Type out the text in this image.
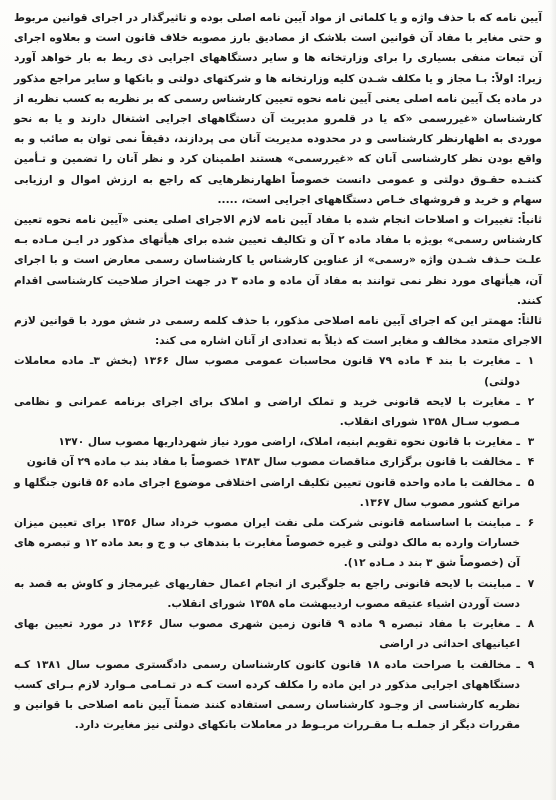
آیین نامه که با حذف واژه و یا کلماتی از مواد آیین نامه اصلی بوده و تاثیرگذار در اجرای قوانین مربوط و حتی مغایر با مفاد آن قوانین است بلاشک از مصادیق بارز مصوبه خلاف قانون است و بعلاوه اجرای آن تبعات منفی بسیاری را برای وزارتخانه ها و سایر دستگاههای اجرایی ذی ربط به بار خواهد آورد زیرا: اولاً: بـا مجاز و یا مکلف شـدن کلیه وزارتخانه ها و شرکتهای دولتی و بانکها و سایر مراجع مذکور در ماده یک آیین نامه اصلی یعنی آیین نامه نحوه تعیین کارشناس رسمی که بر نظریه به کسب نظریه از کارشناسان «غیررسمی «که یا در قلمرو مدیریت آن دستگاههای اجرایی اشتغال دارند و یا به نحو موردی به اظهارنظر کارشناسی و در محدوده مدیریت آنان می پردازند، دقیقاً نمی توان به صائب و به واقع بودن نظر کارشناسی آنان که «غیررسمی» هستند اطمینان کرد و نظر آنان را تضمین و تـأمین کننـده حقـوق دولتی و عمومی دانست خصوصاً اظهارنظرهایی که راجع به ارزش اموال و ارزیابی سهام و خرید و فروشهای خـاص دستگاههای اجرایی است، .....

ثانیاً: تغییرات و اصلاحات انجام شده با مفاد آیین نامه لازم الاجرای اصلی یعنی «آیین نامه نحوه تعیین کارشناس رسمی» بویژه با مفاد ماده ۲ آن و تکالیف تعیین شده برای هیأتهای مذکور در ایـن مـاده بـه علـت حـذف شـدن واژه «رسمی» از عناوین کارشناس یا کارشناسان رسمی معارض است و با اجرای آن، هیأتهای مورد نظر نمی توانند به مفاد آن ماده و ماده ۳ در جهت احراز صلاحیت کارشناسی اقدام کنند.

ثالثاً: مهمتر این که اجرای آیین نامه اصلاحی مذکور، با حذف کلمه رسمی در شش مورد با قوانین لازم الاجرای متعدد مخالف و مغایر است که ذیلاً به تعدادی از آنان اشاره می کند:

۱
ـ مغایرت با بند ۴ ماده ۷۹ قانون محاسبات عمومی مصوب سال ۱۳۶۶ (بخش ۳ـ ماده معاملات دولتی)
۲
ـ مغایرت با لایحه قانونی خرید و تملک اراضی و املاک برای اجرای برنامه عمرانی و نظامی مـصوب سـال ۱۳۵۸ شورای انقلاب.
۳
ـ مغایرت با قانون نحوه تقویم ابنیه، املاک، اراضی مورد نیاز شهرداریها مصوب سال ۱۳۷۰
۴
ـ مخالفت با قانون برگزاری مناقصات مصوب سال ۱۳۸۳ خصوصاً با مفاد بند ب ماده ۲۹ آن قانون
۵
ـ مخالفت با ماده واحده قانون تعیین تکلیف اراضی اختلافی موضوع اجرای ماده ۵۶ قانون جنگلها و مراتع کشور مصوب سال ۱۳۶۷.
۶
ـ مباینت با اساسنامه قانونی شرکت ملی نفت ایران مصوب خرداد سال ۱۳۵۶ برای تعیین میزان خسارات وارده به مالک دولتی و غیره خصوصاً مغایرت با بندهای ب و ج و بعد ماده ۱۲ و تبصره های آن (خصوصاً شق ۳ بند د مـاده ۱۲).
۷
ـ مباینت با لایحه قانونی راجع به جلوگیری از انجام اعمال حفاریهای غیرمجاز و کاوش به قصد به دست آوردن اشیاء عتیقه مصوب اردیبهشت ماه ۱۳۵۸ شورای انقلاب.
۸
ـ مغایرت با مفاد تبصره ۹ ماده ۹ قانون زمین شهری مصوب سال ۱۳۶۶ در مورد تعیین بهای اعیانیهای احداثی در اراضی
۹
ـ مخالفت با صراحت ماده ۱۸ قانون کانون کارشناسان رسمی دادگستری مصوب سال ۱۳۸۱ کـه دستگاههای اجرایی مذکور در این ماده را مکلف کرده است کـه در تمـامی مـوارد لازم بـرای کسب نظریه کارشناسی از وجـود کارشناسان رسمی استفاده کنند ضمناً آیین نامه اصلاحی با قوانین و مقررات دیگر از جملـه بـا مقـررات مربـوط در معاملات بانکهای دولتی نیز مغایرت دارد.
